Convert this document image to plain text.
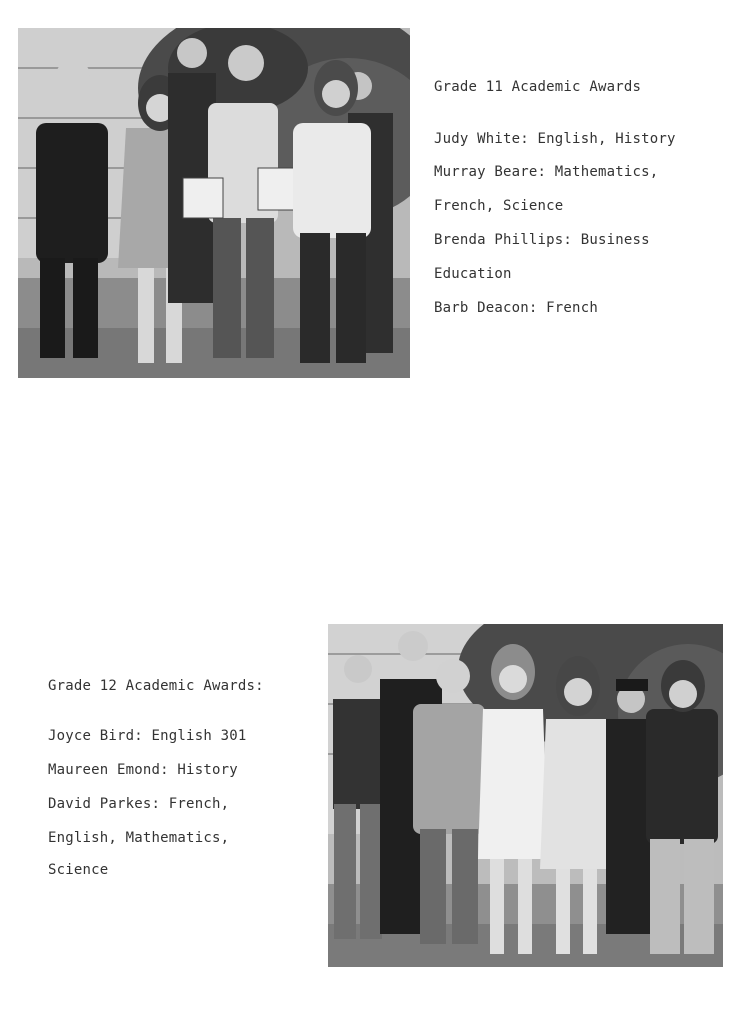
Grade 11 Academic Awards
Judy White: English, History
Murray Beare: Mathematics,
French, Science
Brenda Phillips: Business
Education
Barb Deacon: French
Grade 12 Academic Awards:
Joyce Bird: English 301
Maureen Emond: History
David Parkes: French,
English, Mathematics,
Science
